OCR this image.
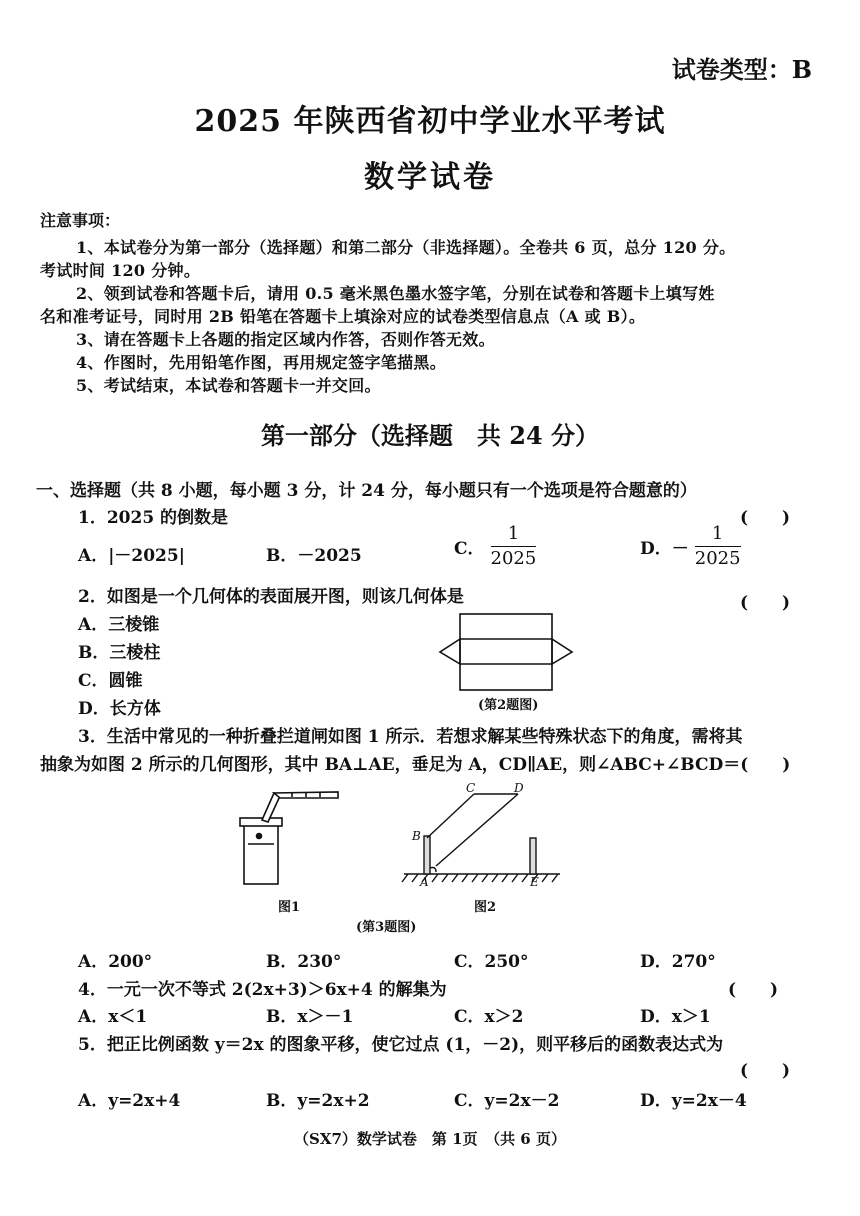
试卷类型：B
2025 年陕西省初中学业水平考试
数学试卷
注意事项：
1、本试卷分为第一部分（选择题）和第二部分（非选择题）。全卷共 6 页，总分 120 分。
考试时间 120 分钟。
2、领到试卷和答题卡后，请用 0.5 毫米黑色墨水签字笔，分别在试卷和答题卡上填写姓
名和准考证号，同时用 2B 铅笔在答题卡上填涂对应的试卷类型信息点（A 或 B）。
3、请在答题卡上各题的指定区域内作答，否则作答无效。
4、作图时，先用铅笔作图，再用规定签字笔描黑。
5、考试结束，本试卷和答题卡一并交回。
第一部分（选择题　共 24 分）
一、选择题（共 8 小题，每小题 3 分，计 24 分，每小题只有一个选项是符合题意的）
1．2025 的倒数是	(　　)
A．|－2025|	B．－2025	C． $\frac{1}{2025}$	D．－ $\frac{1}{2025}$
2．如图是一个几何体的表面展开图，则该几何体是	(　　)
A．三棱锥
B．三棱柱
C．圆锥
D．长方体	(第2题图)
3．生活中常见的一种折叠拦道闸如图 1 所示．若想求解某些特殊状态下的角度，需将其
抽象为如图 2 所示的几何图形，其中 BA⊥AE，垂足为 A，CD∥AE，则∠ABC+∠BCD＝(　　)
图1
B
C	D
A	E
图2
(第3题图)
A．200°	B．230°	C．250°	D．270°
4．一元一次不等式 2(2x+3)＞6x+4 的解集为	(　　)
A．x＜1	B．x＞－1	C．x＞2	D．x＞1
5．把正比例函数 y＝2x 的图象平移，使它过点 (1，－2)，则平移后的函数表达式为
(　　)
A．y=2x+4	B．y=2x+2	C．y=2x－2	D．y=2x－4
（SX7）数学试卷　第 1页　（共 6 页）
